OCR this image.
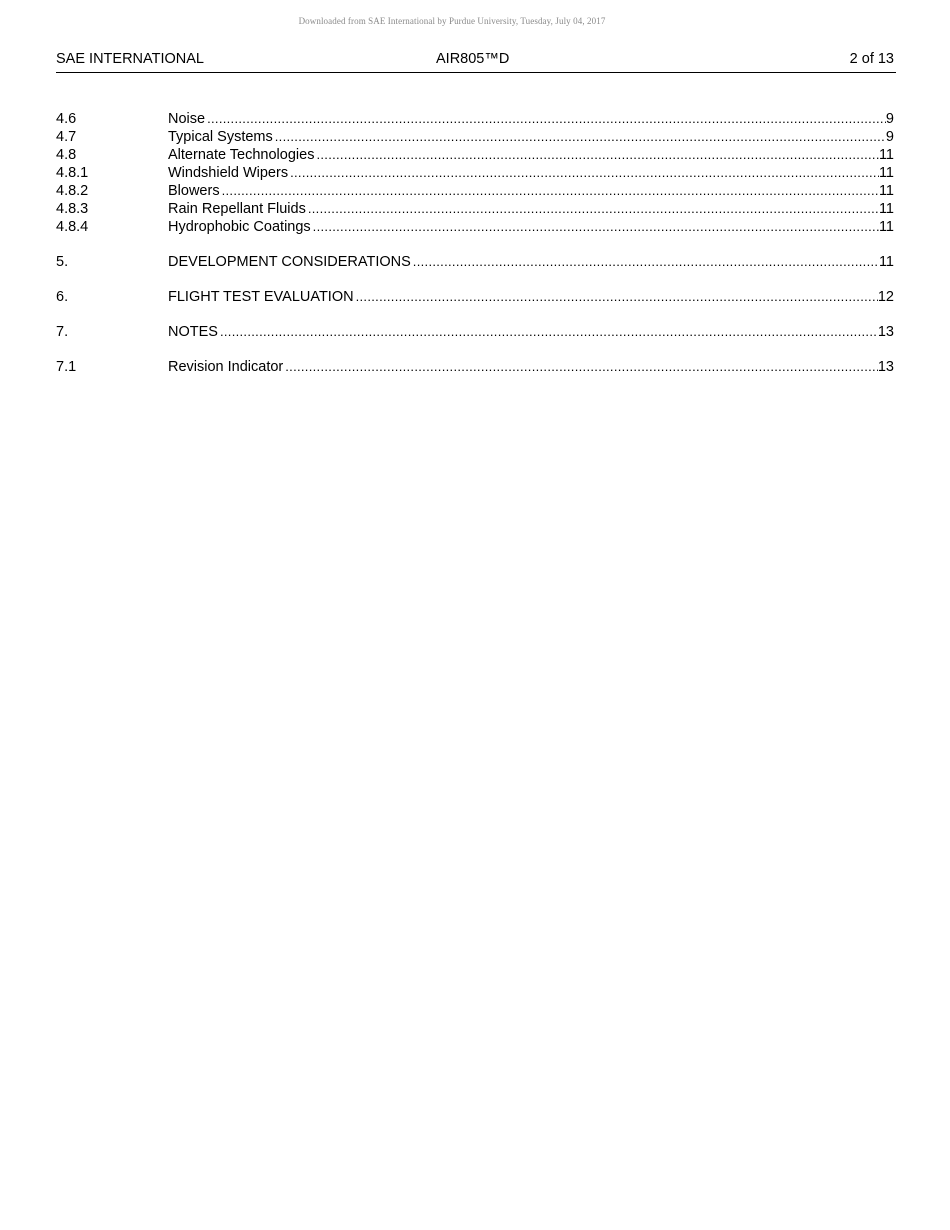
Downloaded from SAE International by Purdue University, Tuesday, July 04, 2017
SAE INTERNATIONAL	AIR805™D	2 of 13
4.6	Noise .....	9
4.7	Typical Systems .....	9
4.8	Alternate Technologies .....	11
4.8.1	Windshield Wipers .....	11
4.8.2	Blowers .....	11
4.8.3	Rain Repellant Fluids .....	11
4.8.4	Hydrophobic Coatings .....	11
5.	DEVELOPMENT CONSIDERATIONS .....	11
6.	FLIGHT TEST EVALUATION .....	12
7.	NOTES .....	13
7.1	Revision Indicator .....	13
